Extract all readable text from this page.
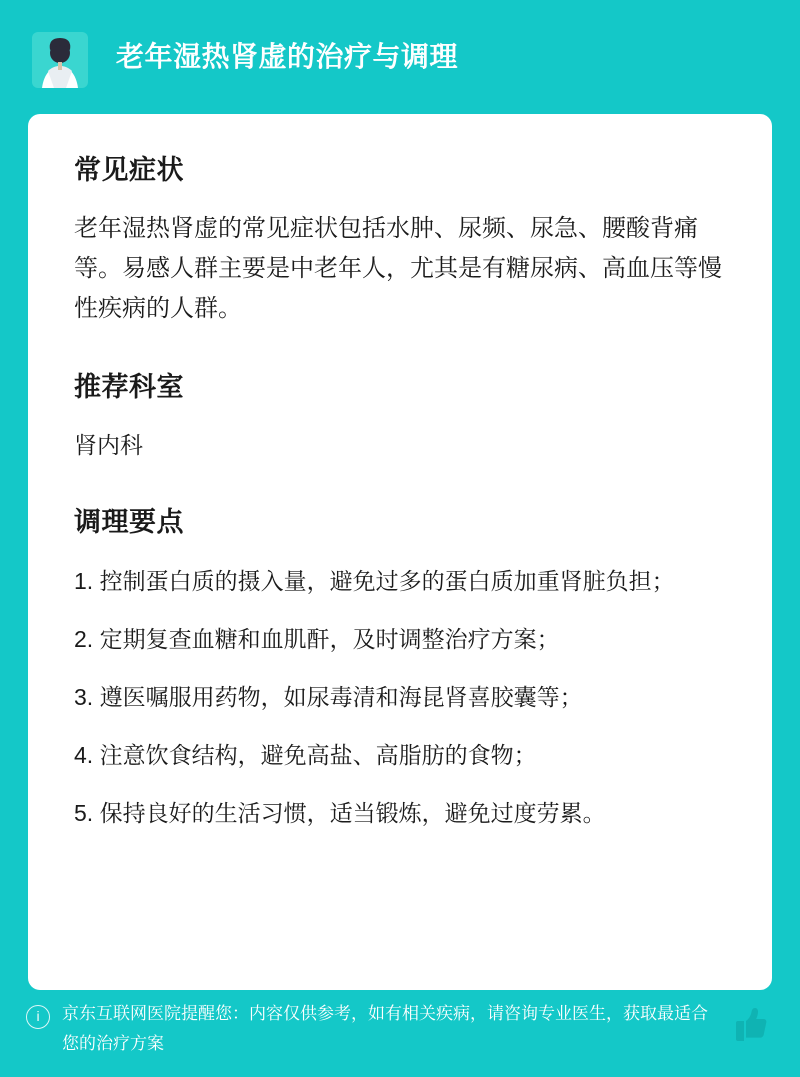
老年湿热肾虚的治疗与调理
常见症状

老年湿热肾虚的常见症状包括水肿、尿频、尿急、腰酸背痛等。易感人群主要是中老年人，尤其是有糖尿病、高血压等慢性疾病的人群。

推荐科室

肾内科

调理要点
1. 控制蛋白质的摄入量，避免过多的蛋白质加重肾脏负担；
2. 定期复查血糖和血肌酐，及时调整治疗方案；
3. 遵医嘱服用药物，如尿毒清和海昆肾喜胶囊等；
4. 注意饮食结构，避免高盐、高脂肪的食物；
5. 保持良好的生活习惯，适当锻炼，避免过度劳累。
i	京东互联网医院提醒您：内容仅供参考，如有相关疾病，请咨询专业医生，获取最适合您的治疗方案
